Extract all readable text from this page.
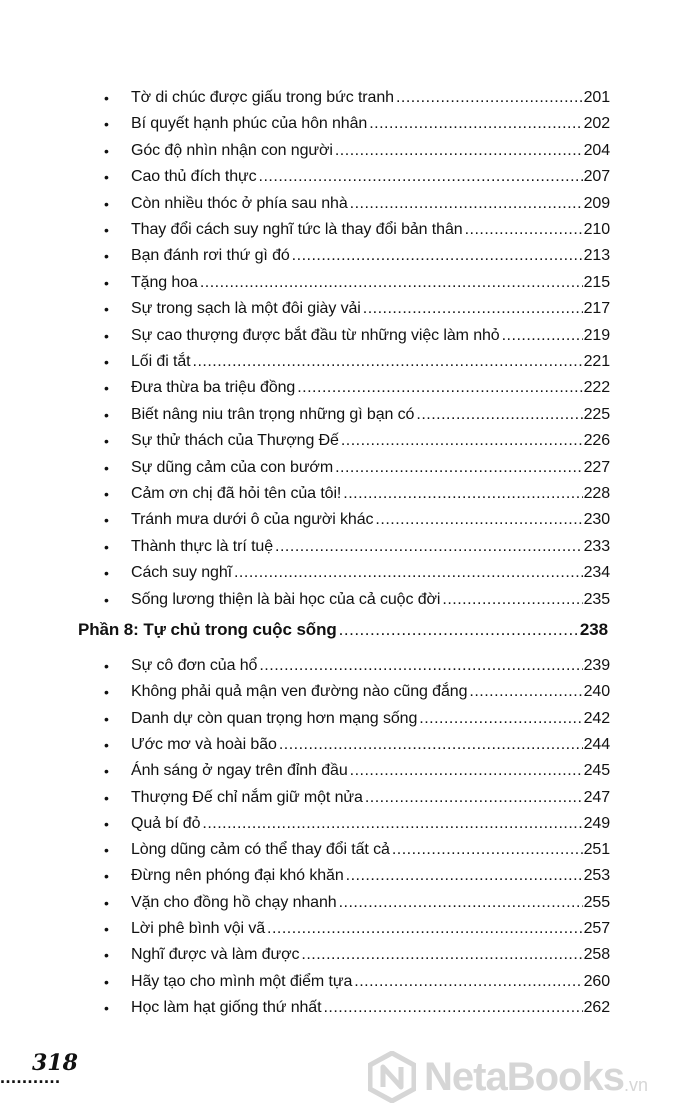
•	Tờ di chúc được giấu trong bức tranh .....	201
•	Bí quyết hạnh phúc của hôn nhân .....	202
•	Góc độ nhìn nhận con người .....	204
•	Cao thủ đích thực .....	207
•	Còn nhiều thóc ở phía sau nhà .....	209
•	Thay đổi cách suy nghĩ tức là thay đổi bản thân .....	210
•	Bạn đánh rơi thứ gì đó .....	213
•	Tặng hoa .....	215
•	Sự trong sạch là một đôi giày vải .....	217
•	Sự cao thượng được bắt đầu từ những việc làm nhỏ .....	219
•	Lối đi tắt .....	221
•	Đưa thừa ba triệu đồng .....	222
•	Biết nâng niu trân trọng những gì bạn có .....	225
•	Sự thử thách của Thượng Đế .....	226
•	Sự dũng cảm của con bướm .....	227
•	Cảm ơn chị đã hỏi tên của tôi! .....	228
•	Tránh mưa dưới ô của người khác .....	230
•	Thành thực là trí tuệ .....	233
•	Cách suy nghĩ .....	234
•	Sống lương thiện là bài học của cả cuộc đời .....	235
Phần 8: Tự chủ trong cuộc sống .....	238
•	Sự cô đơn của hổ .....	239
•	Không phải quả mận ven đường nào cũng đắng .....	240
•	Danh dự còn quan trọng hơn mạng sống .....	242
•	Ước mơ và hoài bão .....	244
•	Ánh sáng ở ngay trên đỉnh đầu .....	245
•	Thượng Đế chỉ nắm giữ một nửa .....	247
•	Quả bí đỏ .....	249
•	Lòng dũng cảm có thể thay đổi tất cả .....	251
•	Đừng nên phóng đại khó khăn .....	253
•	Vặn cho đồng hồ chạy nhanh .....	255
•	Lời phê bình vội vã .....	257
•	Nghĩ được và làm được .....	258
•	Hãy tạo cho mình một điểm tựa .....	260
•	Học làm hạt giống thứ nhất .....	262
318
...........	NetaBooks .vn
